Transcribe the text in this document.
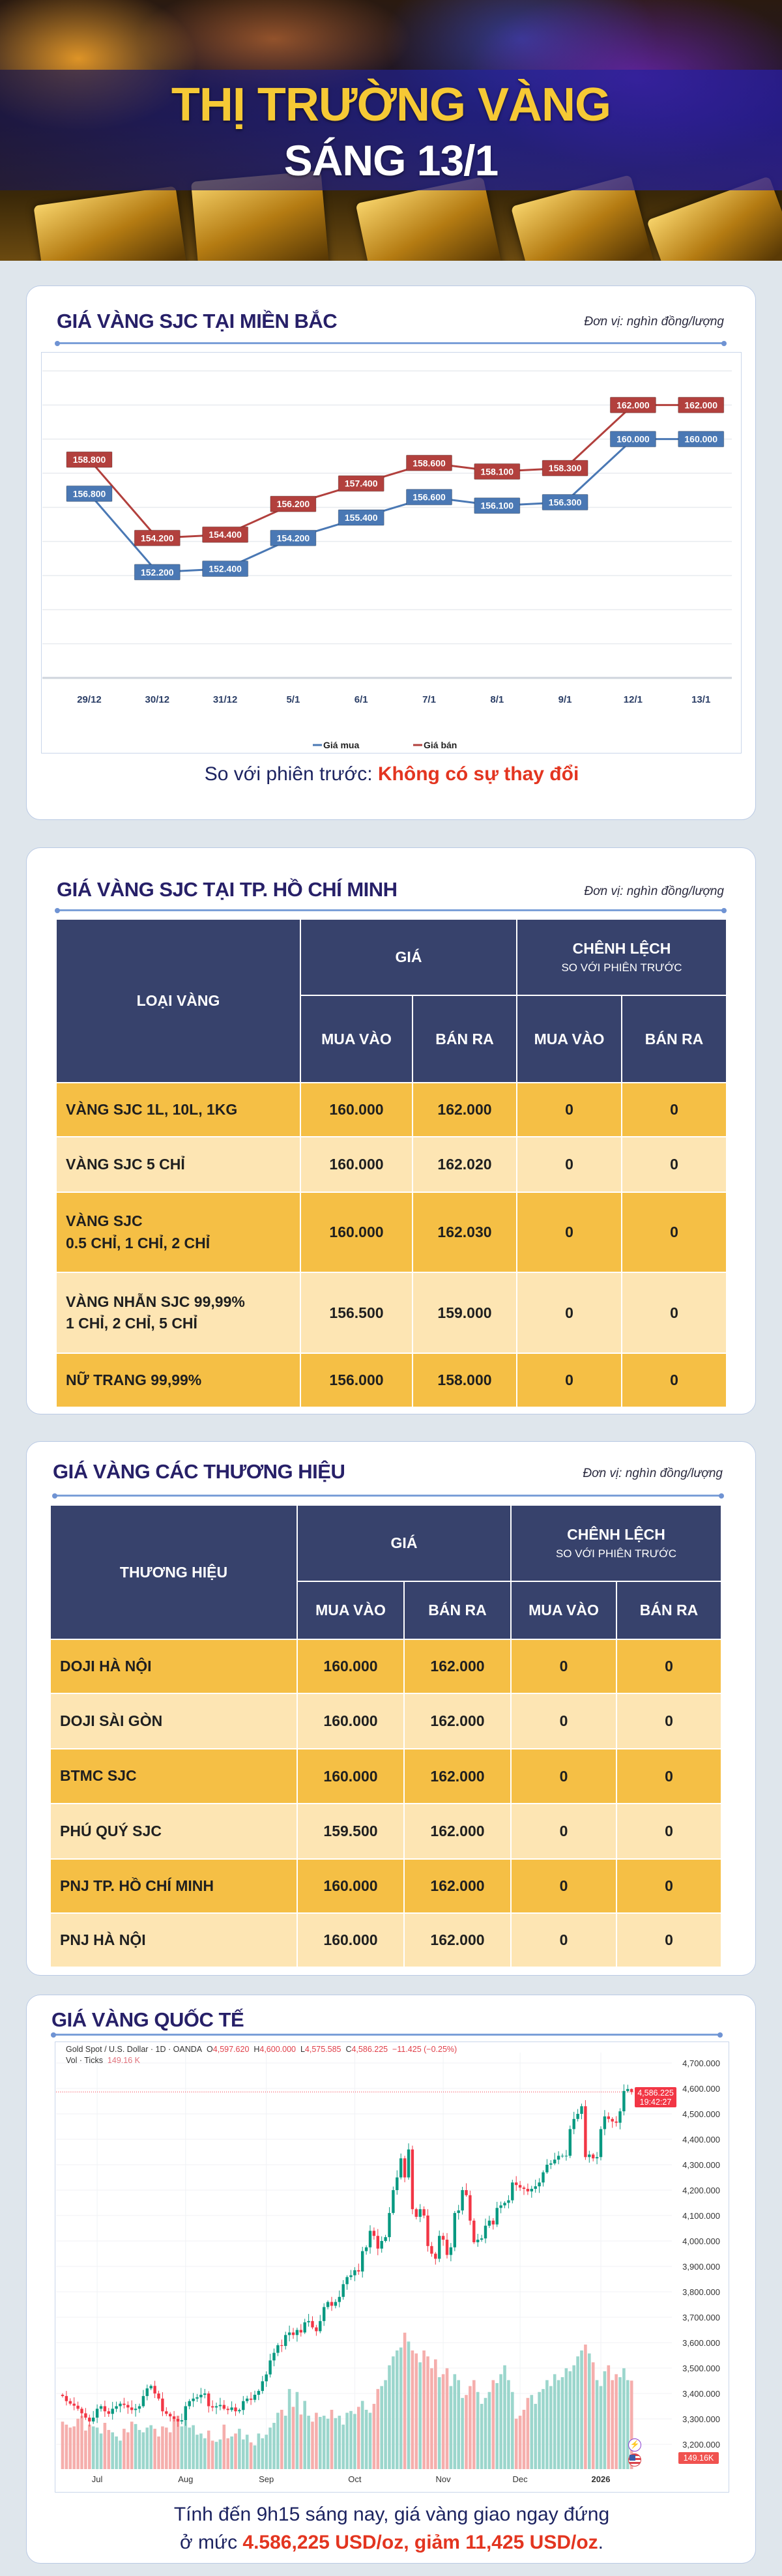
THỊ TRƯỜNG VÀNG
SÁNG 13/1
GIÁ VÀNG SJC TẠI MIỀN BẮC	Đơn vị: nghìn đồng/lượng
29/12	30/12	31/12	5/1	6/1	7/1	8/1	9/1	12/1	13/1
156.800
152.200	152.400
154.200
155.400
156.600
156.100	156.300
160.000	160.000
158.800
154.200	154.400
156.200
157.400
158.600
158.100	158.300
162.000	162.000
Giá mua	Giá bán
So với phiên trước: Không có sự thay đổi
GIÁ VÀNG SJC TẠI TP. HỒ CHÍ MINH	Đơn vị: nghìn đồng/lượng
LOẠI VÀNG
GIÁ	CHÊNH LỆCH
SO VỚI PHIÊN TRƯỚC
MUA VÀO	BÁN RA	MUA VÀO	BÁN RA
VÀNG SJC 1L, 10L, 1KG	160.000	162.000	0	0
VÀNG SJC 5 CHỈ	160.000	162.020	0	0
VÀNG SJC
0.5 CHỈ, 1 CHỈ, 2 CHỈ
160.000	162.030	0	0
VÀNG NHẪN SJC 99,99%
1 CHỈ, 2 CHỈ, 5 CHỈ
156.500	159.000	0	0
NỮ TRANG 99,99%	156.000	158.000	0	0
GIÁ VÀNG CÁC THƯƠNG HIỆU	Đơn vị: nghìn đồng/lượng
THƯƠNG HIỆU
GIÁ	CHÊNH LỆCH
SO VỚI PHIÊN TRƯỚC
MUA VÀO	BÁN RA	MUA VÀO	BÁN RA
DOJI HÀ NỘI	160.000	162.000	0	0
DOJI SÀI GÒN	160.000	162.000	0	0
BTMC SJC	160.000	162.000	0	0
PHÚ QUÝ SJC	159.500	162.000	0	0
PNJ TP. HỒ CHÍ MINH	160.000	162.000	0	0
PNJ HÀ NỘI	160.000	162.000	0	0
GIÁ VÀNG QUỐC TẾ
4,700.000
4,600.000
4,500.000
4,400.000
4,300.000
4,200.000
4,100.000
4,000.000
3,900.000
3,800.000
3,700.000
3,600.000
3,500.000
3,400.000
3,300.000
3,200.000
Jul	Aug	Sep	Oct	Nov	Dec	2026
Gold Spot / U.S. Dollar · 1D · OANDA O4,597.620 H4,600.000 L4,575.585 C4,586.225 −11.425 (−0.25%)
Vol · Ticks 149.16 K
4,586.225
19:42:27
149.16K
⚡
Tính đến 9h15 sáng nay, giá vàng giao ngay đứng
ở mức 4.586,225 USD/oz, giảm 11,425 USD/oz.
